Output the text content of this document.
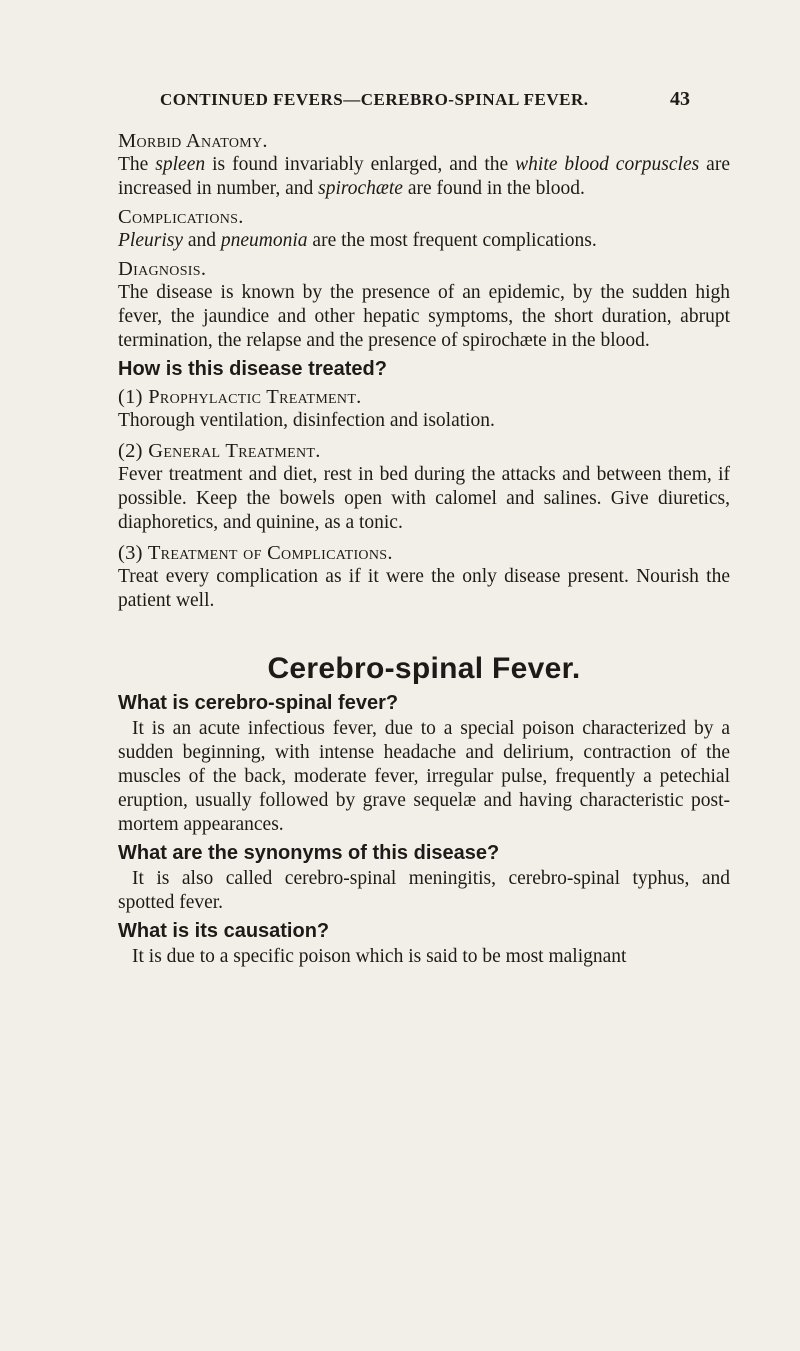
CONTINUED FEVERS—CEREBRO-SPINAL FEVER.	43
Morbid Anatomy.

The spleen is found invariably enlarged, and the white blood corpuscles are increased in number, and spirochæte are found in the blood.

Complications.

Pleurisy and pneumonia are the most frequent complications.

Diagnosis.

The disease is known by the presence of an epidemic, by the sudden high fever, the jaundice and other hepatic symptoms, the short duration, abrupt termination, the relapse and the presence of spirochæte in the blood.

How is this disease treated?
(1) Prophylactic Treatment.

Thorough ventilation, disinfection and isolation.

(2) General Treatment.

Fever treatment and diet, rest in bed during the attacks and between them, if possible. Keep the bowels open with calomel and salines. Give diuretics, diaphoretics, and quinine, as a tonic.

(3) Treatment of Complications.

Treat every complication as if it were the only disease present. Nourish the patient well.

Cerebro-spinal Fever.
What is cerebro-spinal fever?

It is an acute infectious fever, due to a special poison characterized by a sudden beginning, with intense headache and delirium, contraction of the muscles of the back, moderate fever, irregular pulse, frequently a petechial eruption, usually followed by grave sequelæ and having characteristic post-mortem appearances.

What are the synonyms of this disease?

It is also called cerebro-spinal meningitis, cerebro-spinal typhus, and spotted fever.

What is its causation?

It is due to a specific poison which is said to be most malignant
